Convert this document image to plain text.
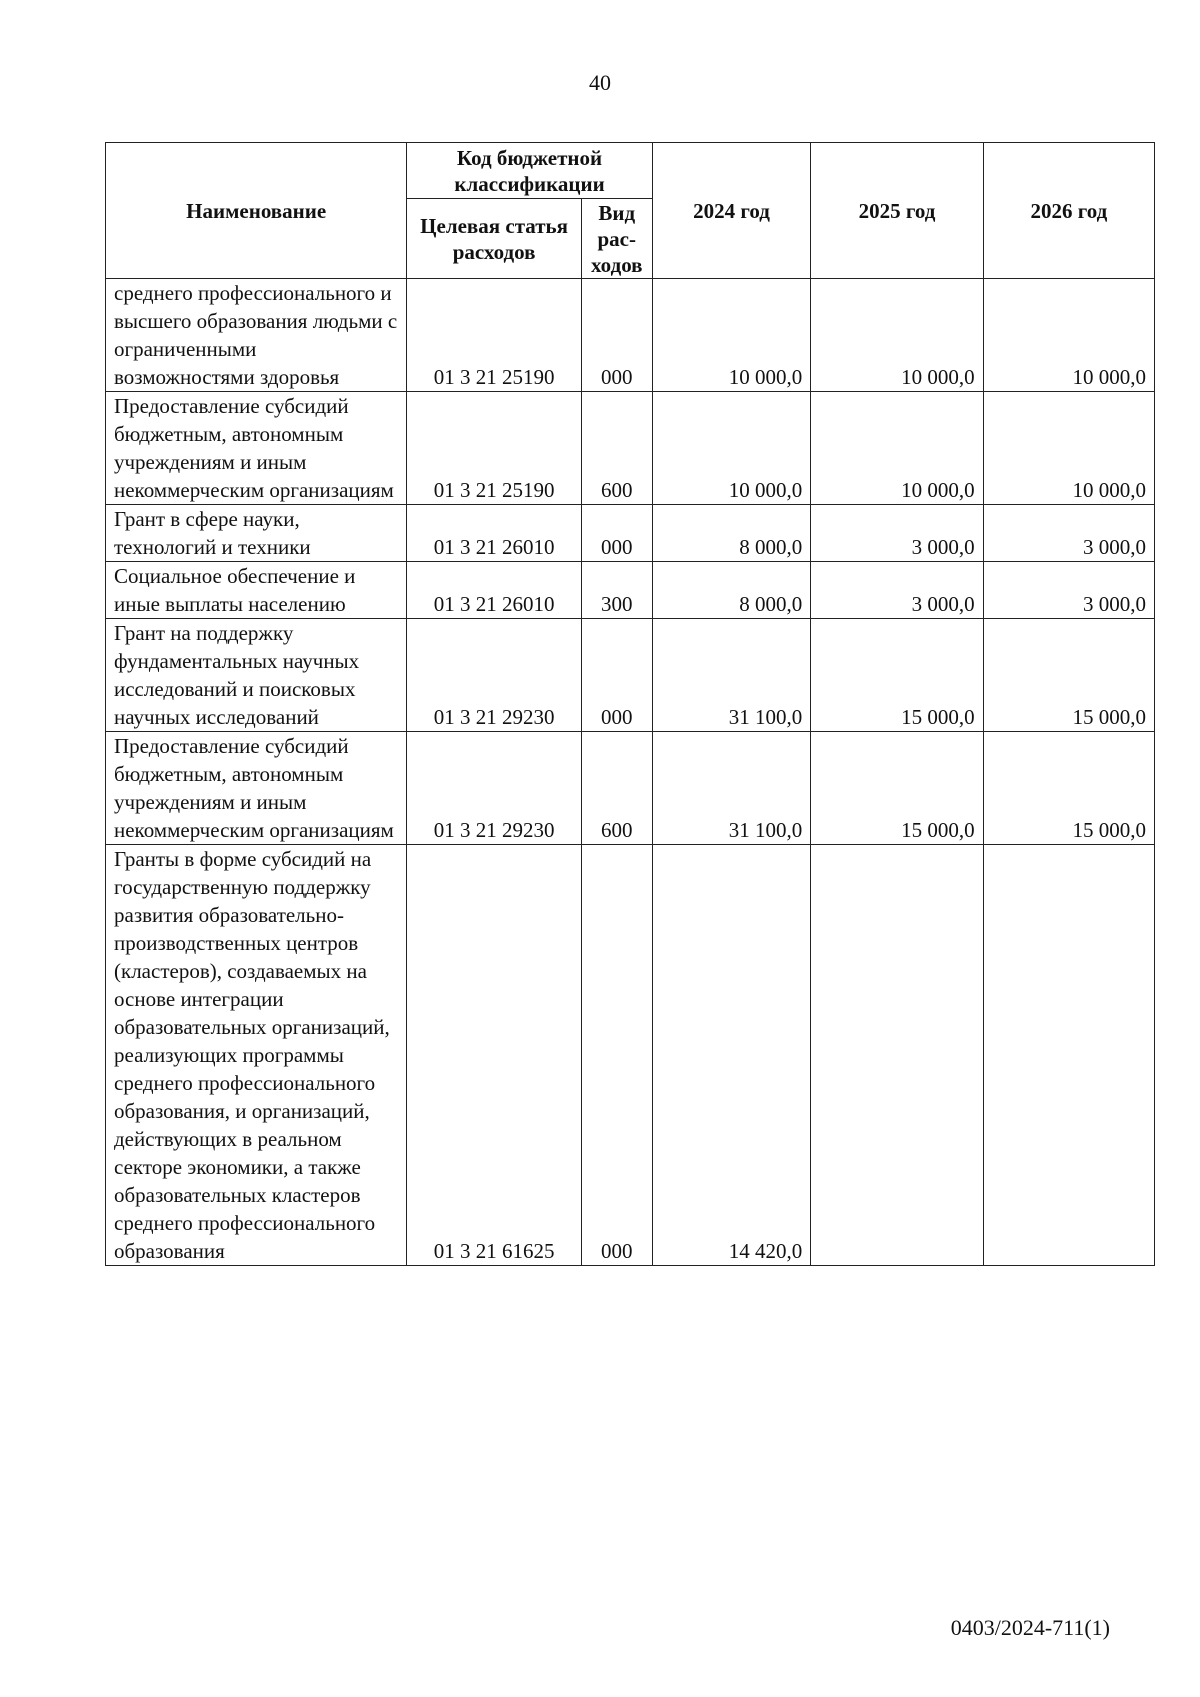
40
Наименование	Код бюджетной классификации		2024 год	2025 год	2026 год
	Целевая статья расходов	Вид рас-ходов			
среднего профессионального и высшего образования людьми с ограниченными возможностями здоровья	01 3 21 25190	000	10 000,0	10 000,0	10 000,0
Предоставление субсидий бюджетным, автономным учреждениям и иным некоммерческим организациям	01 3 21 25190	600	10 000,0	10 000,0	10 000,0
Грант в сфере науки, технологий и техники	01 3 21 26010	000	8 000,0	3 000,0	3 000,0
Социальное обеспечение и иные выплаты населению	01 3 21 26010	300	8 000,0	3 000,0	3 000,0
Грант на поддержку фундаментальных научных исследований и поисковых научных исследований	01 3 21 29230	000	31 100,0	15 000,0	15 000,0
Предоставление субсидий бюджетным, автономным учреждениям и иным некоммерческим организациям	01 3 21 29230	600	31 100,0	15 000,0	15 000,0
Гранты в форме субсидий на государственную поддержку развития образовательно-производственных центров (кластеров), создаваемых на основе интеграции образовательных организаций, реализующих программы среднего профессионального образования, и организаций, действующих в реальном секторе экономики, а также образовательных кластеров среднего профессионального образования	01 3 21 61625	000	14 420,0		
0403/2024-711(1)
